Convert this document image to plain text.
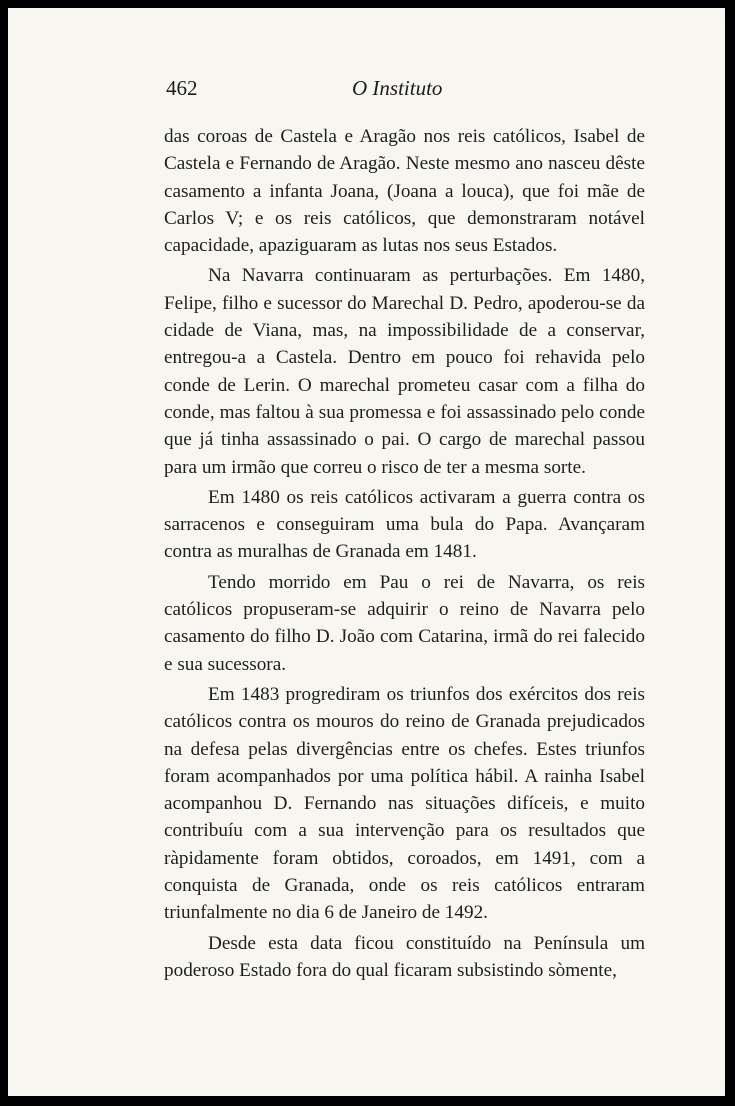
462	O Instituto

das coroas de Castela e Aragão nos reis católicos, Isabel de Castela e Fernando de Aragão. Neste mesmo ano nasceu dêste casamento a infanta Joana, (Joana a louca), que foi mãe de Carlos V; e os reis católicos, que demonstraram notável capacidade, apaziguaram as lutas nos seus Estados.

Na Navarra continuaram as perturbações. Em 1480, Felipe, filho e sucessor do Marechal D. Pedro, apoderou-se da cidade de Viana, mas, na impossibilidade de a conservar, entregou-a a Castela. Dentro em pouco foi rehavida pelo conde de Lerin. O marechal prometeu casar com a filha do conde, mas faltou à sua promessa e foi assassinado pelo conde que já tinha assassinado o pai. O cargo de marechal passou para um irmão que correu o risco de ter a mesma sorte.

Em 1480 os reis católicos activaram a guerra contra os sarracenos e conseguiram uma bula do Papa. Avançaram contra as muralhas de Granada em 1481.

Tendo morrido em Pau o rei de Navarra, os reis católicos propuseram-se adquirir o reino de Navarra pelo casamento do filho D. João com Catarina, irmã do rei falecido e sua sucessora.

Em 1483 progrediram os triunfos dos exércitos dos reis católicos contra os mouros do reino de Granada prejudicados na defesa pelas divergências entre os chefes. Estes triunfos foram acompanhados por uma política hábil. A rainha Isabel acompanhou D. Fernando nas situações difíceis, e muito contribuíu com a sua intervenção para os resultados que ràpidamente foram obtidos, coroados, em 1491, com a conquista de Granada, onde os reis católicos entraram triunfalmente no dia 6 de Janeiro de 1492.

Desde esta data ficou constituído na Península um poderoso Estado fora do qual ficaram subsistindo sòmente,
